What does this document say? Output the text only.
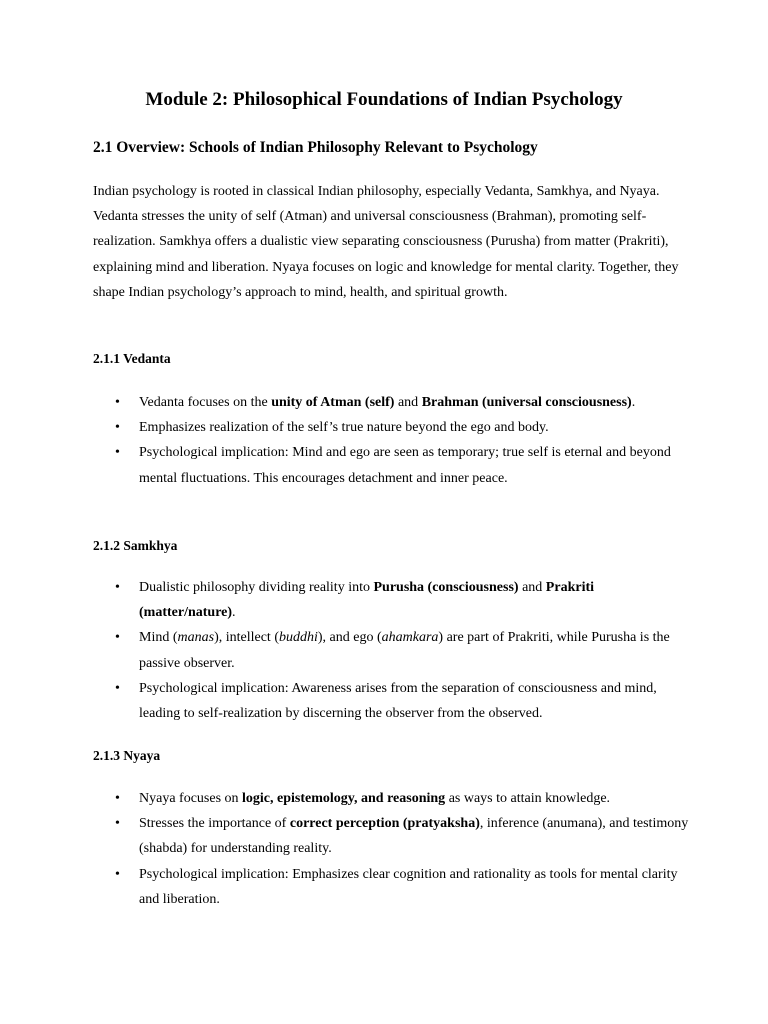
Module 2: Philosophical Foundations of Indian Psychology
2.1 Overview: Schools of Indian Philosophy Relevant to Psychology

Indian psychology is rooted in classical Indian philosophy, especially Vedanta, Samkhya, and Nyaya. Vedanta stresses the unity of self (Atman) and universal consciousness (Brahman), promoting self-realization. Samkhya offers a dualistic view separating consciousness (Purusha) from matter (Prakriti), explaining mind and liberation. Nyaya focuses on logic and knowledge for mental clarity. Together, they shape Indian psychology’s approach to mind, health, and spiritual growth.

2.1.1 Vedanta
•	Vedanta focuses on the unity of Atman (self) and Brahman (universal consciousness).
•	Emphasizes realization of the self’s true nature beyond the ego and body.
•	Psychological implication: Mind and ego are seen as temporary; true self is eternal and beyond mental fluctuations. This encourages detachment and inner peace.
2.1.2 Samkhya
•	Dualistic philosophy dividing reality into Purusha (consciousness) and Prakriti (matter/nature).
•	Mind (manas), intellect (buddhi), and ego (ahamkara) are part of Prakriti, while Purusha is the passive observer.
•	Psychological implication: Awareness arises from the separation of consciousness and mind, leading to self-realization by discerning the observer from the observed.
2.1.3 Nyaya
•	Nyaya focuses on logic, epistemology, and reasoning as ways to attain knowledge.
•	Stresses the importance of correct perception (pratyaksha), inference (anumana), and testimony (shabda) for understanding reality.
•	Psychological implication: Emphasizes clear cognition and rationality as tools for mental clarity and liberation.
